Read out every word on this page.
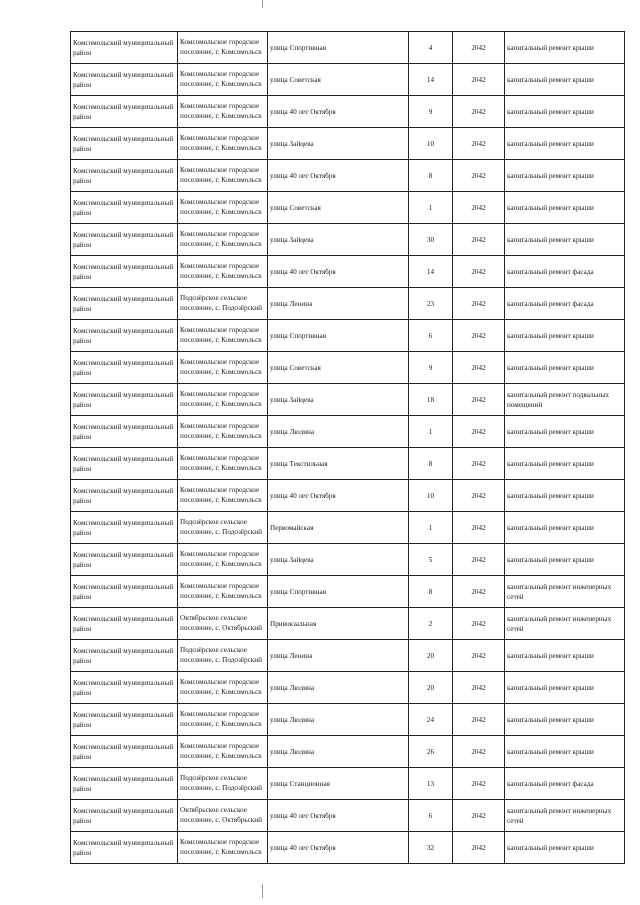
Комсомольский муниципальный район	Комсомольское городское поселение, г. Комсомольск	улица Спортивная	4	2042	капитальный ремонт крыши
Комсомольский муниципальный район	Комсомольское городское поселение, г. Комсомольск	улица Советская	14	2042	капитальный ремонт крыши
Комсомольский муниципальный район	Комсомольское городское поселение, г. Комсомольск	улица 40 лет Октября	9	2042	капитальный ремонт крыши
Комсомольский муниципальный район	Комсомольское городское поселение, г. Комсомольск	улица Зайцева	10	2042	капитальный ремонт крыши
Комсомольский муниципальный район	Комсомольское городское поселение, г. Комсомольск	улица 40 лет Октября	8	2042	капитальный ремонт крыши
Комсомольский муниципальный район	Комсомольское городское поселение, г. Комсомольск	улица Советская	1	2042	капитальный ремонт крыши
Комсомольский муниципальный район	Комсомольское городское поселение, г. Комсомольск	улица Зайцева	30	2042	капитальный ремонт крыши
Комсомольский муниципальный район	Комсомольское городское поселение, г. Комсомольск	улица 40 лет Октября	14	2042	капитальный ремонт фасада
Комсомольский муниципальный район	Подозёрское сельское поселение, с. Подозёрский	улица Ленина	23	2042	капитальный ремонт фасада
Комсомольский муниципальный район	Комсомольское городское поселение, г. Комсомольск	улица Спортивная	6	2042	капитальный ремонт крыши
Комсомольский муниципальный район	Комсомольское городское поселение, г. Комсомольск	улица Советская	9	2042	капитальный ремонт крыши
Комсомольский муниципальный район	Комсомольское городское поселение, г. Комсомольск	улица Зайцева	18	2042	капитальный ремонт подвальных помещений
Комсомольский муниципальный район	Комсомольское городское поселение, г. Комсомольск	улица Люлина	1	2042	капитальный ремонт крыши
Комсомольский муниципальный район	Комсомольское городское поселение, г. Комсомольск	улица Текстильная	8	2042	капитальный ремонт крыши
Комсомольский муниципальный район	Комсомольское городское поселение, г. Комсомольск	улица 40 лет Октября	10	2042	капитальный ремонт крыши
Комсомольский муниципальный район	Подозёрское сельское поселение, с. Подозёрский	Первомайская	1	2042	капитальный ремонт крыши
Комсомольский муниципальный район	Комсомольское городское поселение, г. Комсомольск	улица Зайцева	5	2042	капитальный ремонт крыши
Комсомольский муниципальный район	Комсомольское городское поселение, г. Комсомольск	улица Спортивная	8	2042	капитальный ремонт инженерных сетей
Комсомольский муниципальный район	Октябрьское сельское поселение, с. Октябрьский	Привокзальная	2	2042	капитальный ремонт инженерных сетей
Комсомольский муниципальный район	Подозёрское сельское поселение, с. Подозёрский	улица Ленина	20	2042	капитальный ремонт крыши
Комсомольский муниципальный район	Комсомольское городское поселение, г. Комсомольск	улица Люлина	20	2042	капитальный ремонт крыши
Комсомольский муниципальный район	Комсомольское городское поселение, г. Комсомольск	улица Люлина	24	2042	капитальный ремонт крыши
Комсомольский муниципальный район	Комсомольское городское поселение, г. Комсомольск	улица Люлина	26	2042	капитальный ремонт крыши
Комсомольский муниципальный район	Подозёрское сельское поселение, с. Подозёрский	улица Станционная	13	2042	капитальный ремонт фасада
Комсомольский муниципальный район	Октябрьское сельское поселение, с. Октябрьский	улица 40 лет Октября	6	2042	капитальный ремонт инженерных сетей
Комсомольский муниципальный район	Комсомольское городское поселение, г. Комсомольск	улица 40 лет Октября	32	2042	капитальный ремонт крыши
